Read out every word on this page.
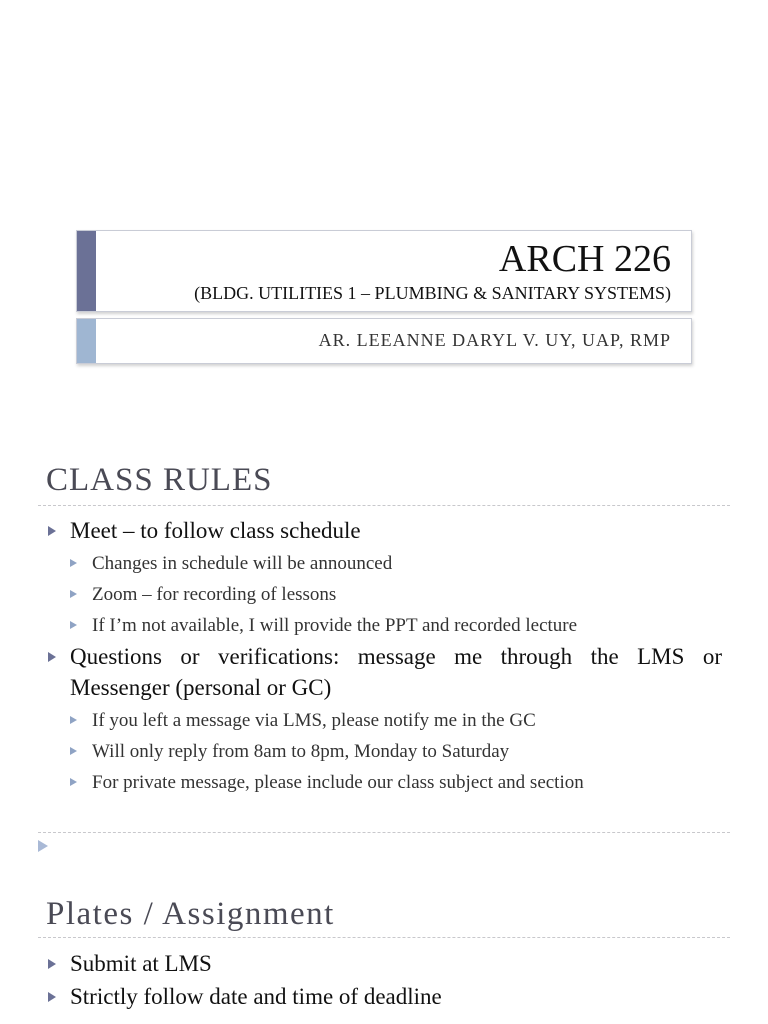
ARCH 226
(BLDG. UTILITIES 1 – PLUMBING & SANITARY SYSTEMS)
AR. LEEANNE DARYL V. UY, UAP, RMP
CLASS RULES
Meet – to follow class schedule
Changes in schedule will be announced
Zoom – for recording of lessons
If I’m not available, I will provide the PPT and recorded lecture
Questions or verifications: message me through the LMS or Messenger (personal or GC)
If you left a message via LMS, please notify me in the GC
Will only reply from 8am to 8pm, Monday to Saturday
For private message, please include our class subject and section
Plates / Assignment
Submit at LMS
Strictly follow date and time of deadline
